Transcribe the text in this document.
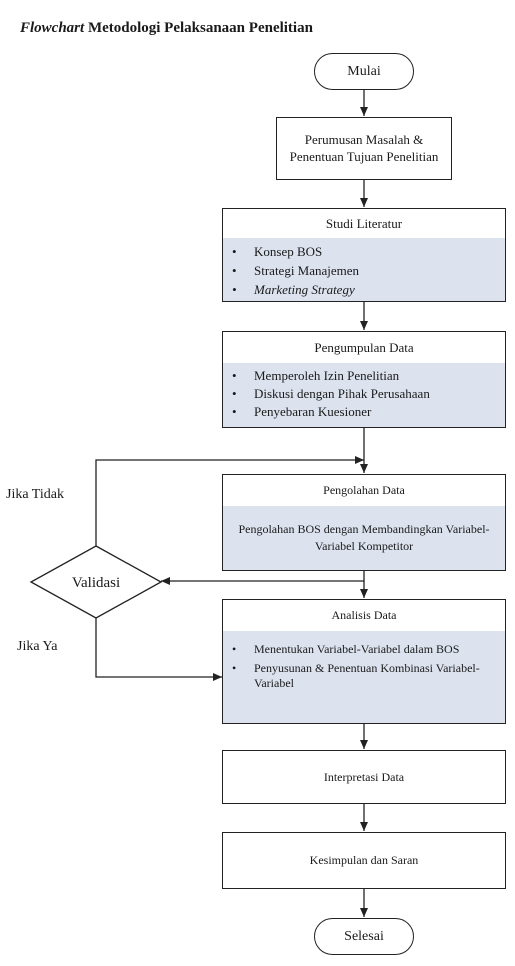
Flowchart Metodologi Pelaksanaan Penelitian
Validasi
Mulai
Perumusan Masalah & Penentuan Tujuan Penelitian
Studi Literatur
• Konsep BOS
• Strategi Manajemen
• Marketing Strategy
Pengumpulan Data
• Memperoleh Izin Penelitian
• Diskusi dengan Pihak Perusahaan
• Penyebaran Kuesioner
Pengolahan Data
Pengolahan BOS dengan Membandingkan Variabel-Variabel Kompetitor
Analisis Data
• Menentukan Variabel-Variabel dalam BOS
• Penyusunan & Penentuan Kombinasi Variabel-Variabel
Interpretasi Data
Kesimpulan dan Saran
Selesai
Jika Tidak
Jika Ya
